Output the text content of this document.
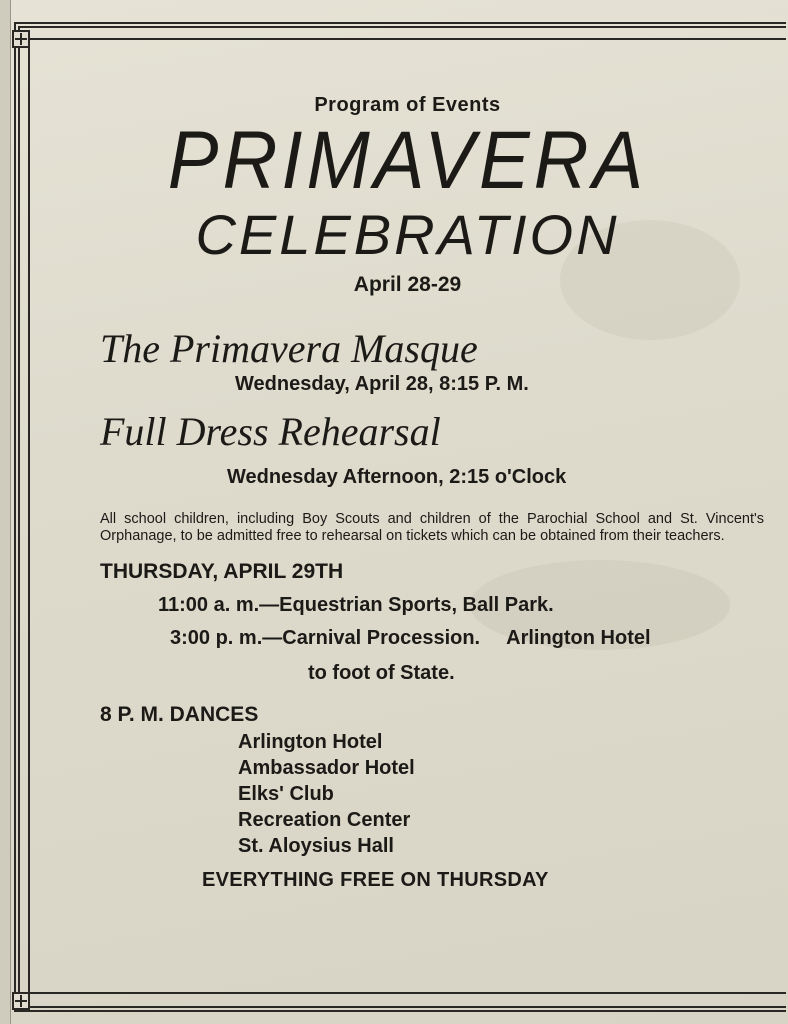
Program of Events
PRIMAVERA
CELEBRATION
April 28-29
The Primavera Masque
Wednesday, April 28, 8:15 P. M.
Full Dress Rehearsal
Wednesday Afternoon, 2:15 o'Clock
All school children, including Boy Scouts and children of the Parochial School and St. Vincent's Orphanage, to be admitted free to rehearsal on tickets which can be obtained from their teachers.
THURSDAY, APRIL 29TH
11:00 a. m.—Equestrian Sports, Ball Park.
3:00 p. m.—Carnival Procession. Arlington Hotel
to foot of State.
8 P. M. DANCES
Arlington Hotel
Ambassador Hotel
Elks' Club
Recreation Center
St. Aloysius Hall
EVERYTHING FREE ON THURSDAY
